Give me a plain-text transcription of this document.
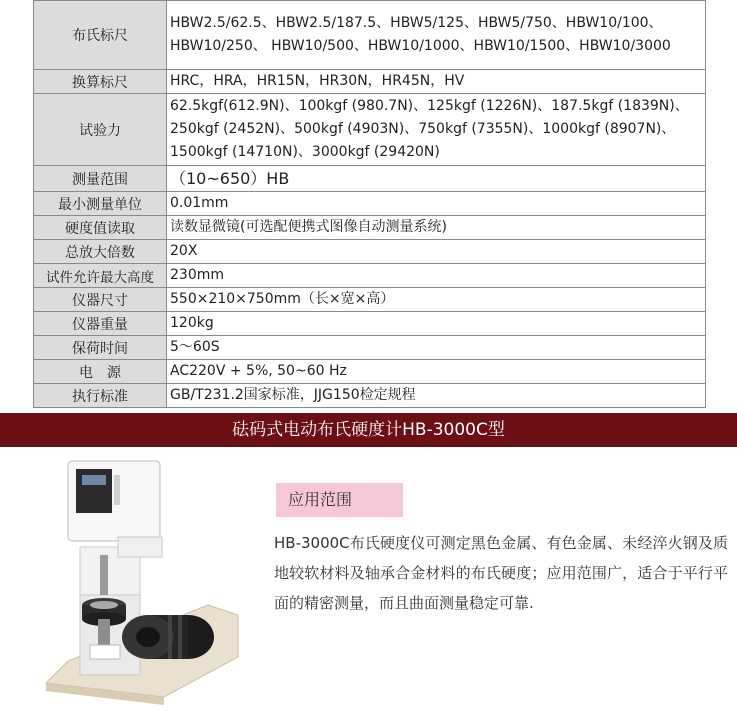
布氏标尺	HBW2.5/62.5、HBW2.5/187.5、HBW5/125、HBW5/750、HBW10/100、HBW10/250、 HBW10/500、HBW10/1000、HBW10/1500、HBW10/3000
换算标尺	HRC，HRA，HR15N，HR30N，HR45N，HV
试验力	62.5kgf(612.9N)、100kgf (980.7N)、125kgf (1226N)、187.5kgf (1839N)、250kgf (2452N)、500kgf (4903N)、750kgf (7355N)、1000kgf (8907N)、1500kgf (14710N)、3000kgf (29420N)
测量范围	（10~650）HB
最小测量单位	0.01mm
硬度值读取	读数显微镜(可选配便携式图像自动测量系统)
总放大倍数	20X
试件允许最大高度	230mm
仪器尺寸	550×210×750mm（长×宽×高）
仪器重量	120kg
保荷时间	5～60S
电　源	AC220V + 5%, 50~60 Hz
执行标准	GB/T231.2国家标准，JJG150检定规程
砝码式电动布氏硬度计HB-3000C型
应用范围
HB-3000C布氏硬度仪可测定黑色金属、有色金属、未经淬火钢及质地较软材料及轴承合金材料的布氏硬度；应用范围广，适合于平行平面的精密测量，而且曲面测量稳定可靠.
